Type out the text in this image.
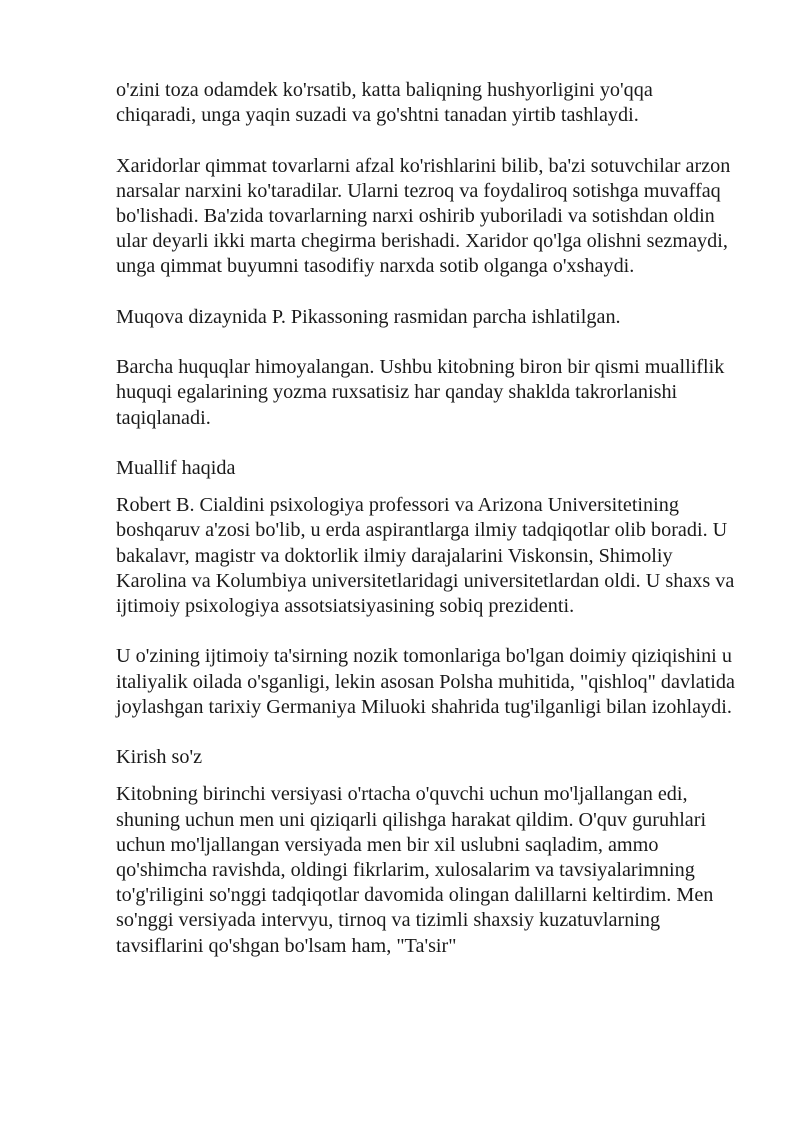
o'zini toza odamdek ko'rsatib, katta baliqning hushyorligini yo'qqa chiqaradi, unga yaqin suzadi va go'shtni tanadan yirtib tashlaydi.

Xaridorlar qimmat tovarlarni afzal ko'rishlarini bilib, ba'zi sotuvchilar arzon narsalar narxini ko'taradilar. Ularni tezroq va foydaliroq sotishga muvaffaq bo'lishadi. Ba'zida tovarlarning narxi oshirib yuboriladi va sotishdan oldin ular deyarli ikki marta chegirma berishadi. Xaridor qo'lga olishni sezmaydi, unga qimmat buyumni tasodifiy narxda sotib olganga o'xshaydi.

Muqova dizaynida P. Pikassoning rasmidan parcha ishlatilgan.

Barcha huquqlar himoyalangan. Ushbu kitobning biron bir qismi mualliflik huquqi egalarining yozma ruxsatisiz har qanday shaklda takrorlanishi taqiqlanadi.

Muallif haqida

Robert B. Cialdini psixologiya professori va Arizona Universitetining boshqaruv a'zosi bo'lib, u erda aspirantlarga ilmiy tadqiqotlar olib boradi. U bakalavr, magistr va doktorlik ilmiy darajalarini Viskonsin, Shimoliy Karolina va Kolumbiya universitetlaridagi universitetlardan oldi. U shaxs va ijtimoiy psixologiya assotsiatsiyasining sobiq prezidenti.

U o'zining ijtimoiy ta'sirning nozik tomonlariga bo'lgan doimiy qiziqishini u italiyalik oilada o'sganligi, lekin asosan Polsha muhitida, "qishloq" davlatida joylashgan tarixiy Germaniya Miluoki shahrida tug'ilganligi bilan izohlaydi.

Kirish so'z

Kitobning birinchi versiyasi o'rtacha o'quvchi uchun mo'ljallangan edi, shuning uchun men uni qiziqarli qilishga harakat qildim. O'quv guruhlari uchun mo'ljallangan versiyada men bir xil uslubni saqladim, ammo qo'shimcha ravishda, oldingi fikrlarim, xulosalarim va tavsiyalarimning to'g'riligini so'nggi tadqiqotlar davomida olingan dalillarni keltirdim. Men so'nggi versiyada intervyu, tirnoq va tizimli shaxsiy kuzatuvlarning tavsiflarini qo'shgan bo'lsam ham, "Ta'sir"
